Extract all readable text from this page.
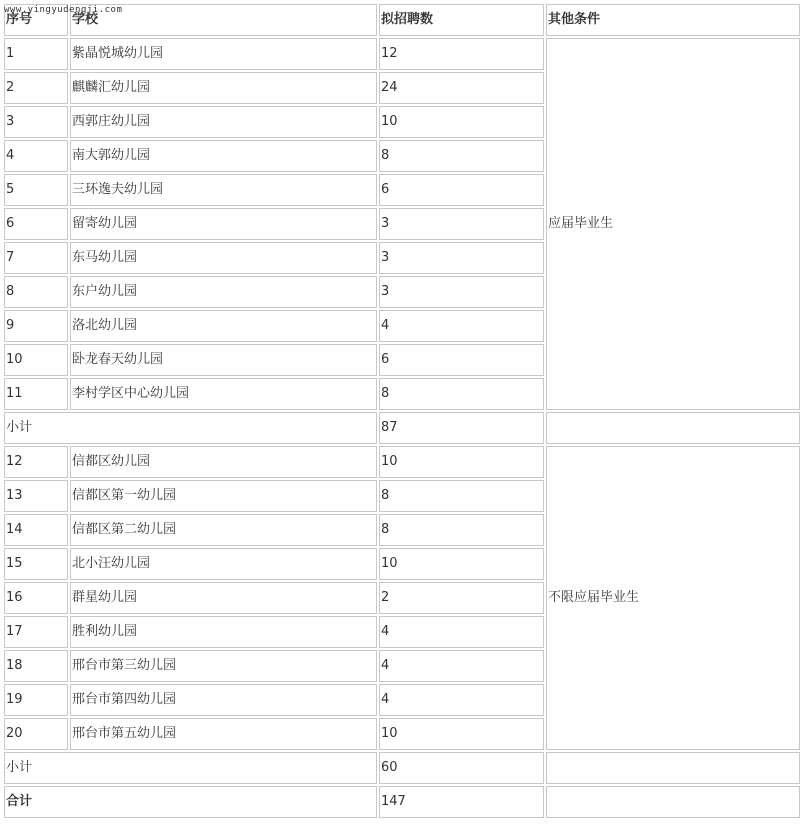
www.yingyudengji.com
序号	学校	拟招聘数	其他条件
1	紫晶悦城幼儿园	12	应届毕业生
2	麒麟汇幼儿园	24	
3	西郭庄幼儿园	10	
4	南大郭幼儿园	8	
5	三环逸夫幼儿园	6	
6	留寄幼儿园	3	
7	东马幼儿园	3	
8	东户幼儿园	3	
9	洛北幼儿园	4	
10	卧龙春天幼儿园	6	
11	李村学区中心幼儿园	8	
小计		87	
12	信都区幼儿园	10	不限应届毕业生
13	信都区第一幼儿园	8	
14	信都区第二幼儿园	8	
15	北小汪幼儿园	10	
16	群星幼儿园	2	
17	胜利幼儿园	4	
18	邢台市第三幼儿园	4	
19	邢台市第四幼儿园	4	
20	邢台市第五幼儿园	10	
小计		60	
合计		147	
